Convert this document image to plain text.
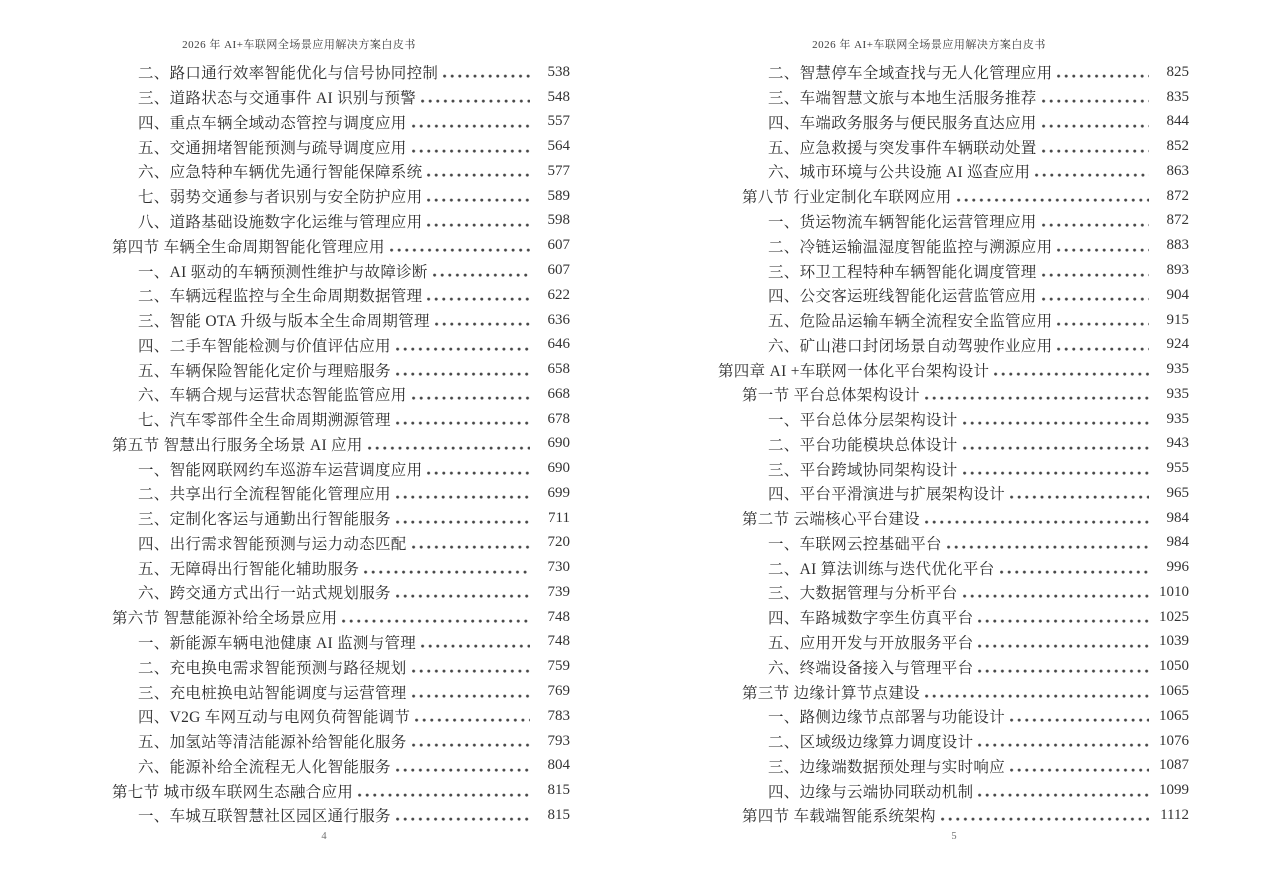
2026 年 AI+车联网全场景应用解决方案白皮书
二、路口通行效率智能优化与信号协同控制	538
三、道路状态与交通事件 AI 识别与预警	548
四、重点车辆全域动态管控与调度应用	557
五、交通拥堵智能预测与疏导调度应用	564
六、应急特种车辆优先通行智能保障系统	577
七、弱势交通参与者识别与安全防护应用	589
八、道路基础设施数字化运维与管理应用	598
第四节 车辆全生命周期智能化管理应用	607
一、AI 驱动的车辆预测性维护与故障诊断	607
二、车辆远程监控与全生命周期数据管理	622
三、智能 OTA 升级与版本全生命周期管理	636
四、二手车智能检测与价值评估应用	646
五、车辆保险智能化定价与理赔服务	658
六、车辆合规与运营状态智能监管应用	668
七、汽车零部件全生命周期溯源管理	678
第五节 智慧出行服务全场景 AI 应用	690
一、智能网联网约车巡游车运营调度应用	690
二、共享出行全流程智能化管理应用	699
三、定制化客运与通勤出行智能服务	711
四、出行需求智能预测与运力动态匹配	720
五、无障碍出行智能化辅助服务	730
六、跨交通方式出行一站式规划服务	739
第六节 智慧能源补给全场景应用	748
一、新能源车辆电池健康 AI 监测与管理	748
二、充电换电需求智能预测与路径规划	759
三、充电桩换电站智能调度与运营管理	769
四、V2G 车网互动与电网负荷智能调节	783
五、加氢站等清洁能源补给智能化服务	793
六、能源补给全流程无人化智能服务	804
第七节 城市级车联网生态融合应用	815
一、车城互联智慧社区园区通行服务	815
4
2026 年 AI+车联网全场景应用解决方案白皮书
二、智慧停车全域查找与无人化管理应用	825
三、车端智慧文旅与本地生活服务推荐	835
四、车端政务服务与便民服务直达应用	844
五、应急救援与突发事件车辆联动处置	852
六、城市环境与公共设施 AI 巡查应用	863
第八节 行业定制化车联网应用	872
一、货运物流车辆智能化运营管理应用	872
二、冷链运输温湿度智能监控与溯源应用	883
三、环卫工程特种车辆智能化调度管理	893
四、公交客运班线智能化运营监管应用	904
五、危险品运输车辆全流程安全监管应用	915
六、矿山港口封闭场景自动驾驶作业应用	924
第四章 AI +车联网一体化平台架构设计	935
第一节 平台总体架构设计	935
一、平台总体分层架构设计	935
二、平台功能模块总体设计	943
三、平台跨域协同架构设计	955
四、平台平滑演进与扩展架构设计	965
第二节 云端核心平台建设	984
一、车联网云控基础平台	984
二、AI 算法训练与迭代优化平台	996
三、大数据管理与分析平台	1010
四、车路城数字孪生仿真平台	1025
五、应用开发与开放服务平台	1039
六、终端设备接入与管理平台	1050
第三节 边缘计算节点建设	1065
一、路侧边缘节点部署与功能设计	1065
二、区域级边缘算力调度设计	1076
三、边缘端数据预处理与实时响应	1087
四、边缘与云端协同联动机制	1099
第四节 车载端智能系统架构	1112
5
